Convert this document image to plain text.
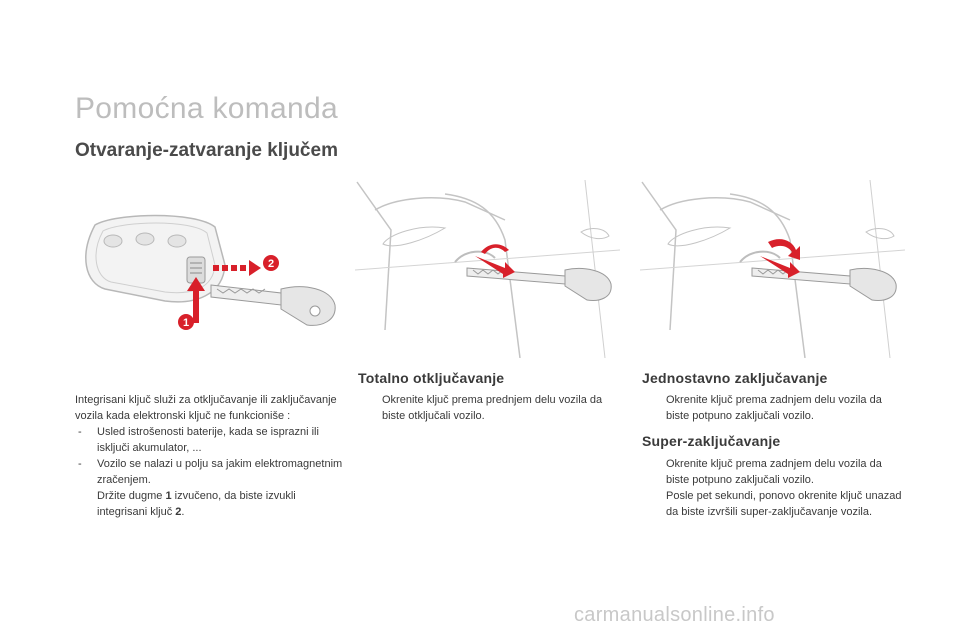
Pomoćna komanda
Otvaranje-zatvaranje ključem
1
2

Integrisani ključ služi za otključavanje ili zaključavanje vozila kada elektronski ključ ne funkcioniše :

-	Usled istrošenosti baterije, kada se isprazni ili isključi akumulator, ...
-	Vozilo se nalazi u polju sa jakim elektromagnetnim zračenjem.
Držite dugme 1 izvučeno, da biste izvukli integrisani ključ 2.
Totalno otključavanje
Okrenite ključ prema prednjem delu vozila da biste otključali vozilo.
Jednostavno zaključavanje
Okrenite ključ prema zadnjem delu vozila da biste potpuno zaključali vozilo.
Super-zaključavanje
Okrenite ključ prema zadnjem delu vozila da biste potpuno zaključali vozilo.
Posle pet sekundi, ponovo okrenite ključ unazad da biste izvršili super-zaključavanje vozila.
carmanualsonline.info
